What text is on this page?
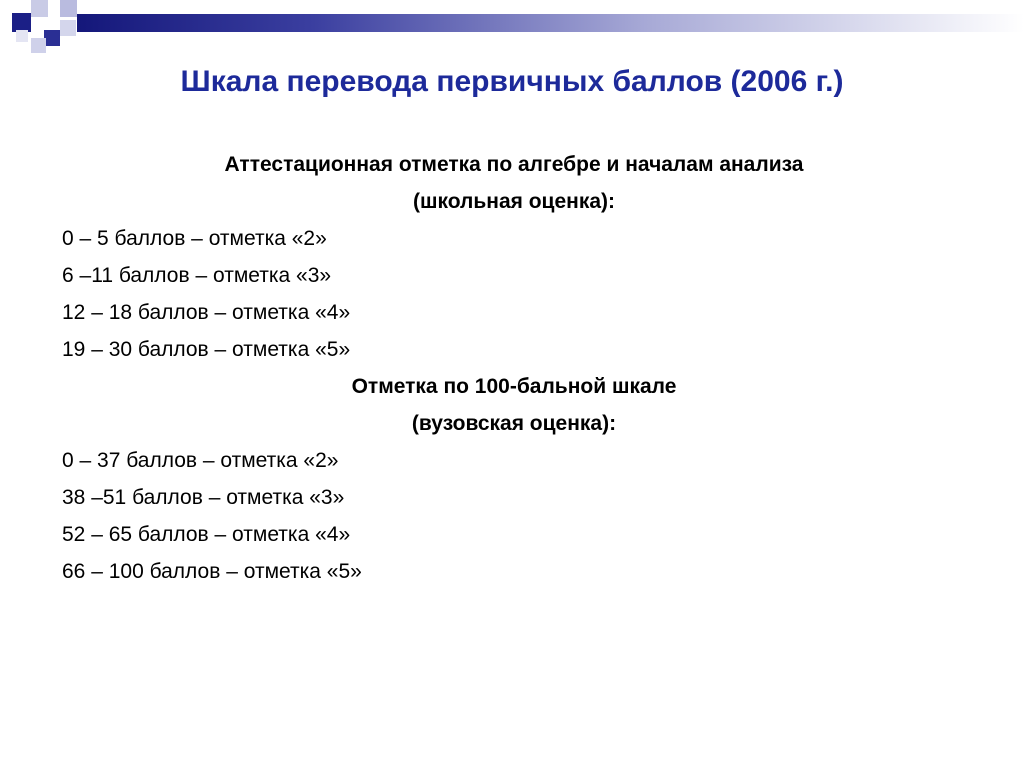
Шкала перевода первичных баллов (2006 г.)
Аттестационная отметка по алгебре и началам анализа
(школьная оценка):
0 – 5 баллов – отметка «2»
6 –11 баллов – отметка «3»
12 – 18 баллов – отметка «4»
19 – 30 баллов – отметка «5»
Отметка по 100-бальной шкале
(вузовская оценка):
0 – 37 баллов – отметка «2»
38 –51 баллов – отметка «3»
52 – 65 баллов – отметка «4»
66 – 100 баллов – отметка «5»
